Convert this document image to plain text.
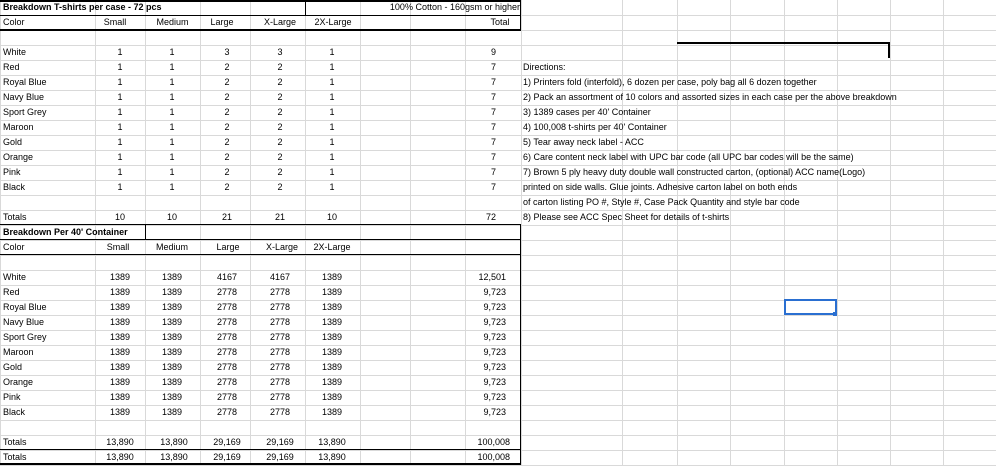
Breakdown T-shirts per case - 72 pcs	100% Cotton - 160gsm or higher
Color	Small	Medium	Large	X-Large	2X-Large	Total
White	1	1	3	3	1	9
Red	1	1	2	2	1	7
Royal Blue	1	1	2	2	1	7
Navy Blue	1	1	2	2	1	7
Sport Grey	1	1	2	2	1	7
Maroon	1	1	2	2	1	7
Gold	1	1	2	2	1	7
Orange	1	1	2	2	1	7
Pink	1	1	2	2	1	7
Black	1	1	2	2	1	7
Totals	10	10	21	21	10	72
Breakdown Per 40' Container
Color	Small	Medium	Large	X-Large	2X-Large
White	1389	1389	4167	4167	1389	12,501
Red	1389	1389	2778	2778	1389	9,723
Royal Blue	1389	1389	2778	2778	1389	9,723
Navy Blue	1389	1389	2778	2778	1389	9,723
Sport Grey	1389	1389	2778	2778	1389	9,723
Maroon	1389	1389	2778	2778	1389	9,723
Gold	1389	1389	2778	2778	1389	9,723
Orange	1389	1389	2778	2778	1389	9,723
Pink	1389	1389	2778	2778	1389	9,723
Black	1389	1389	2778	2778	1389	9,723
Totals	13,890	13,890	29,169	29,169	13,890	100,008
Totals	13,890	13,890	29,169	29,169	13,890	100,008
Directions:
1) Printers fold (interfold), 6 dozen per case, poly bag all 6 dozen together
2) Pack an assortment of 10 colors and assorted sizes in each case per the above breakdown
3) 1389 cases per 40' Container
4) 100,008 t-shirts per 40' Container
5) Tear away neck label - ACC
6) Care content neck label with UPC bar code (all UPC bar codes will be the same)
7) Brown 5 ply heavy duty double wall constructed carton, (optional) ACC name(Logo)
printed on side walls. Glue joints. Adhesive carton label on both ends
of carton listing PO #, Style #, Case Pack Quantity and style bar code
8) Please see ACC Spec Sheet for details of t-shirts
